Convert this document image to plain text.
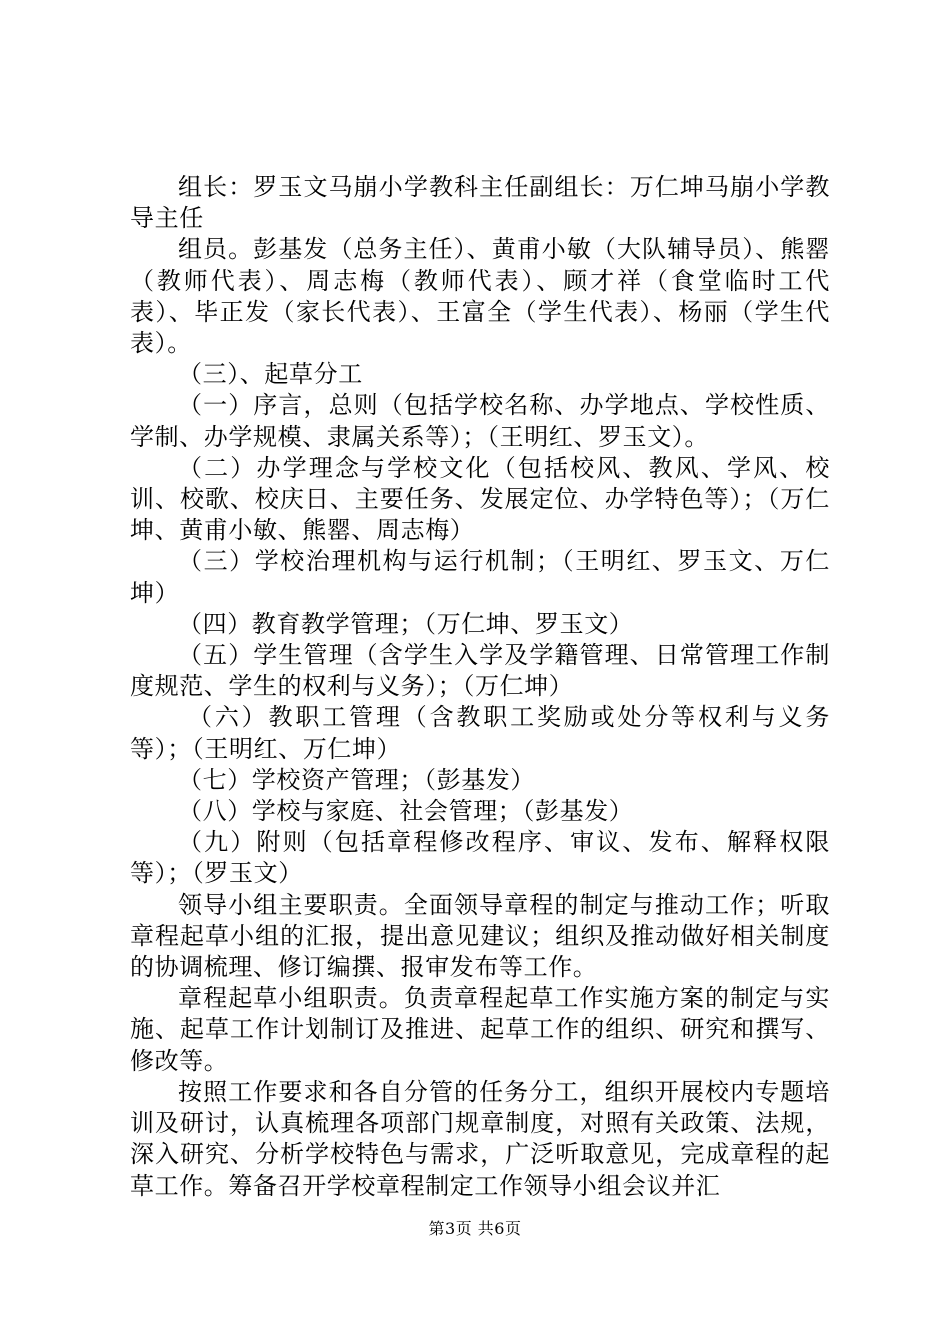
组长：罗玉文马崩小学教科主任副组长：万仁坤马崩小学教导主任

组员。彭基发（总务主任）、黄甫小敏（大队辅导员）、熊罂（教师代表）、周志梅（教师代表）、顾才祥（食堂临时工代表）、毕正发（家长代表）、王富全（学生代表）、杨丽（学生代表）。

（三）、起草分工

（一）序言，总则（包括学校名称、办学地点、学校性质、学制、办学规模、隶属关系等）；（王明红、罗玉文）。

（二）办学理念与学校文化（包括校风、教风、学风、校训、校歌、校庆日、主要任务、发展定位、办学特色等）；（万仁坤、黄甫小敏、熊罂、周志梅）

（三）学校治理机构与运行机制；（王明红、罗玉文、万仁坤）

（四）教育教学管理；（万仁坤、罗玉文）

（五）学生管理（含学生入学及学籍管理、日常管理工作制度规范、学生的权利与义务）；（万仁坤）

（六）教职工管理（含教职工奖励或处分等权利与义务等）；（王明红、万仁坤）

（七）学校资产管理；（彭基发）

（八）学校与家庭、社会管理；（彭基发）

（九）附则（包括章程修改程序、审议、发布、解释权限等）；（罗玉文）

领导小组主要职责。全面领导章程的制定与推动工作；听取章程起草小组的汇报，提出意见建议；组织及推动做好相关制度的协调梳理、修订编撰、报审发布等工作。

章程起草小组职责。负责章程起草工作实施方案的制定与实施、起草工作计划制订及推进、起草工作的组织、研究和撰写、修改等。

按照工作要求和各自分管的任务分工，组织开展校内专题培训及研讨，认真梳理各项部门规章制度，对照有关政策、法规，深入研究、分析学校特色与需求，广泛听取意见，完成章程的起草工作。筹备召开学校章程制定工作领导小组会议并汇

第3页 共6页
